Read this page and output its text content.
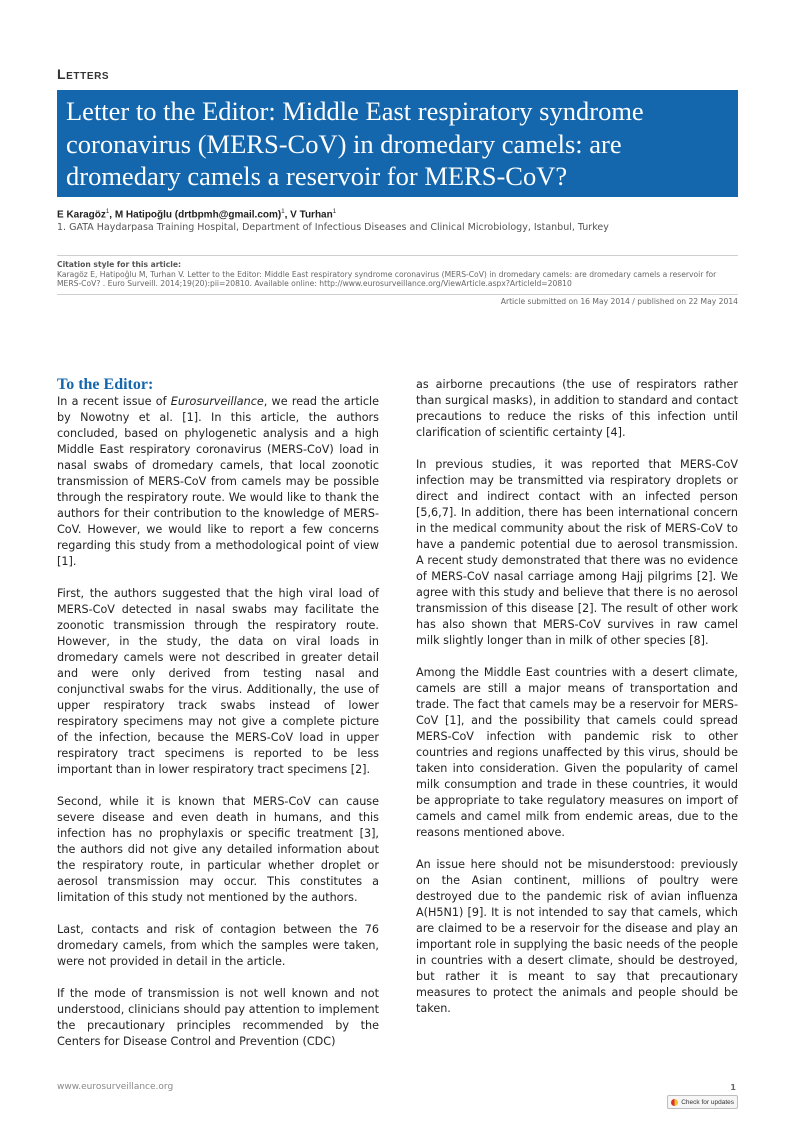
Letters
Letter to the Editor: Middle East respiratory syndrome coronavirus (MERS-CoV) in dromedary camels: are dromedary camels a reservoir for MERS-CoV?
E Karagöz$^1$, M Hatipoğlu (drtbpmh@gmail.com)$^1$, V Turhan$^1$
1. GATA Haydarpasa Training Hospital, Department of Infectious Diseases and Clinical Microbiology, Istanbul, Turkey
Citation style for this article:
Karagöz E, Hatipoğlu M, Turhan V. Letter to the Editor: Middle East respiratory syndrome coronavirus (MERS-CoV) in dromedary camels: are dromedary camels a reservoir for MERS-CoV? . Euro Surveill. 2014;19(20):pii=20810. Available online: http://www.eurosurveillance.org/ViewArticle.aspx?ArticleId=20810
Article submitted on 16 May 2014 / published on 22 May 2014
To the Editor:

In a recent issue of Eurosurveillance, we read the article by Nowotny et al. [1]. In this article, the authors concluded, based on phylogenetic analysis and a high Middle East respiratory coronavirus (MERS-CoV) load in nasal swabs of dromedary camels, that local zoonotic transmission of MERS-CoV from camels may be possible through the respiratory route. We would like to thank the authors for their contribution to the knowledge of MERS-CoV. However, we would like to report a few concerns regarding this study from a methodological point of view [1].

First, the authors suggested that the high viral load of MERS-CoV detected in nasal swabs may facilitate the zoonotic transmission through the respiratory route. However, in the study, the data on viral loads in dromedary camels were not described in greater detail and were only derived from testing nasal and conjunctival swabs for the virus. Additionally, the use of upper respiratory track swabs instead of lower respiratory specimens may not give a complete picture of the infection, because the MERS-CoV load in upper respiratory tract specimens is reported to be less important than in lower respiratory tract specimens [2].

Second, while it is known that MERS-CoV can cause severe disease and even death in humans, and this infection has no prophylaxis or specific treatment [3], the authors did not give any detailed information about the respiratory route, in particular whether droplet or aerosol transmission may occur. This constitutes a limitation of this study not mentioned by the authors.

Last, contacts and risk of contagion between the 76 dromedary camels, from which the samples were taken, were not provided in detail in the article.

If the mode of transmission is not well known and not understood, clinicians should pay attention to implement the precautionary principles recommended by the Centers for Disease Control and Prevention (CDC)

as airborne precautions (the use of respirators rather than surgical masks), in addition to standard and contact precautions to reduce the risks of this infection until clarification of scientific certainty [4].

In previous studies, it was reported that MERS-CoV infection may be transmitted via respiratory droplets or direct and indirect contact with an infected person [5,6,7]. In addition, there has been international concern in the medical community about the risk of MERS-CoV to have a pandemic potential due to aerosol transmission. A recent study demonstrated that there was no evidence of MERS-CoV nasal carriage among Hajj pilgrims [2]. We agree with this study and believe that there is no aerosol transmission of this disease [2]. The result of other work has also shown that MERS-CoV survives in raw camel milk slightly longer than in milk of other species [8].

Among the Middle East countries with a desert climate, camels are still a major means of transportation and trade. The fact that camels may be a reservoir for MERS-CoV [1], and the possibility that camels could spread MERS-CoV infection with pandemic risk to other countries and regions unaffected by this virus, should be taken into consideration. Given the popularity of camel milk consumption and trade in these countries, it would be appropriate to take regulatory measures on import of camels and camel milk from endemic areas, due to the reasons mentioned above.

An issue here should not be misunderstood: previously on the Asian continent, millions of poultry were destroyed due to the pandemic risk of avian influenza A(H5N1) [9]. It is not intended to say that camels, which are claimed to be a reservoir for the disease and play an important role in supplying the basic needs of the people in countries with a desert climate, should be destroyed, but rather it is meant to say that precautionary measures to protect the animals and people should be taken.

www.eurosurveillance.org	1
Check for updates
